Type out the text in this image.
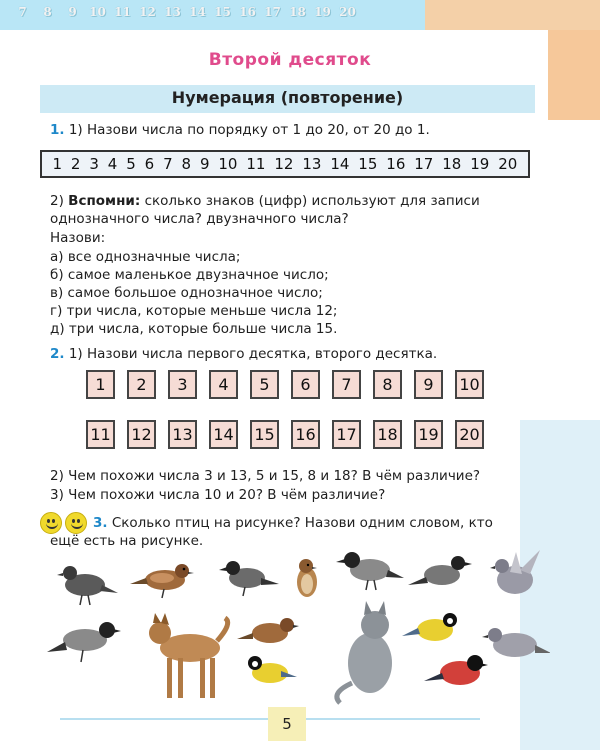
7	8	9	10 11 12 13 14 15 16 17 18 19 20
Второй десяток
Нумерация (повторение)
1. 1) Назови числа по порядку от 1 до 20, от 20 до 1.
1 2 3 4 5 6 7 8 9 10 11 12 13 14 15 16 17 18 19 20
2) Вспомни: сколько знаков (цифр) используют для записи
однозначного числа? двузначного числа?
Назови:
а) все однозначные числа;
б) самое маленькое двузначное число;
в) самое большое однозначное число;
г) три числа, которые меньше числа 12;
д) три числа, которые больше числа 15.
2. 1) Назови числа первого десятка, второго десятка.
1	2	3	4	5	6	7	8	9	10
11 12 13 14 15 16 17 18 19 20
2) Чем похожи числа 3 и 13, 5 и 15, 8 и 18? В чём различие?
3) Чем похожи числа 10 и 20? В чём различие?
3. Сколько птиц на рисунке? Назови одним словом, кто
ещё есть на рисунке.
5
